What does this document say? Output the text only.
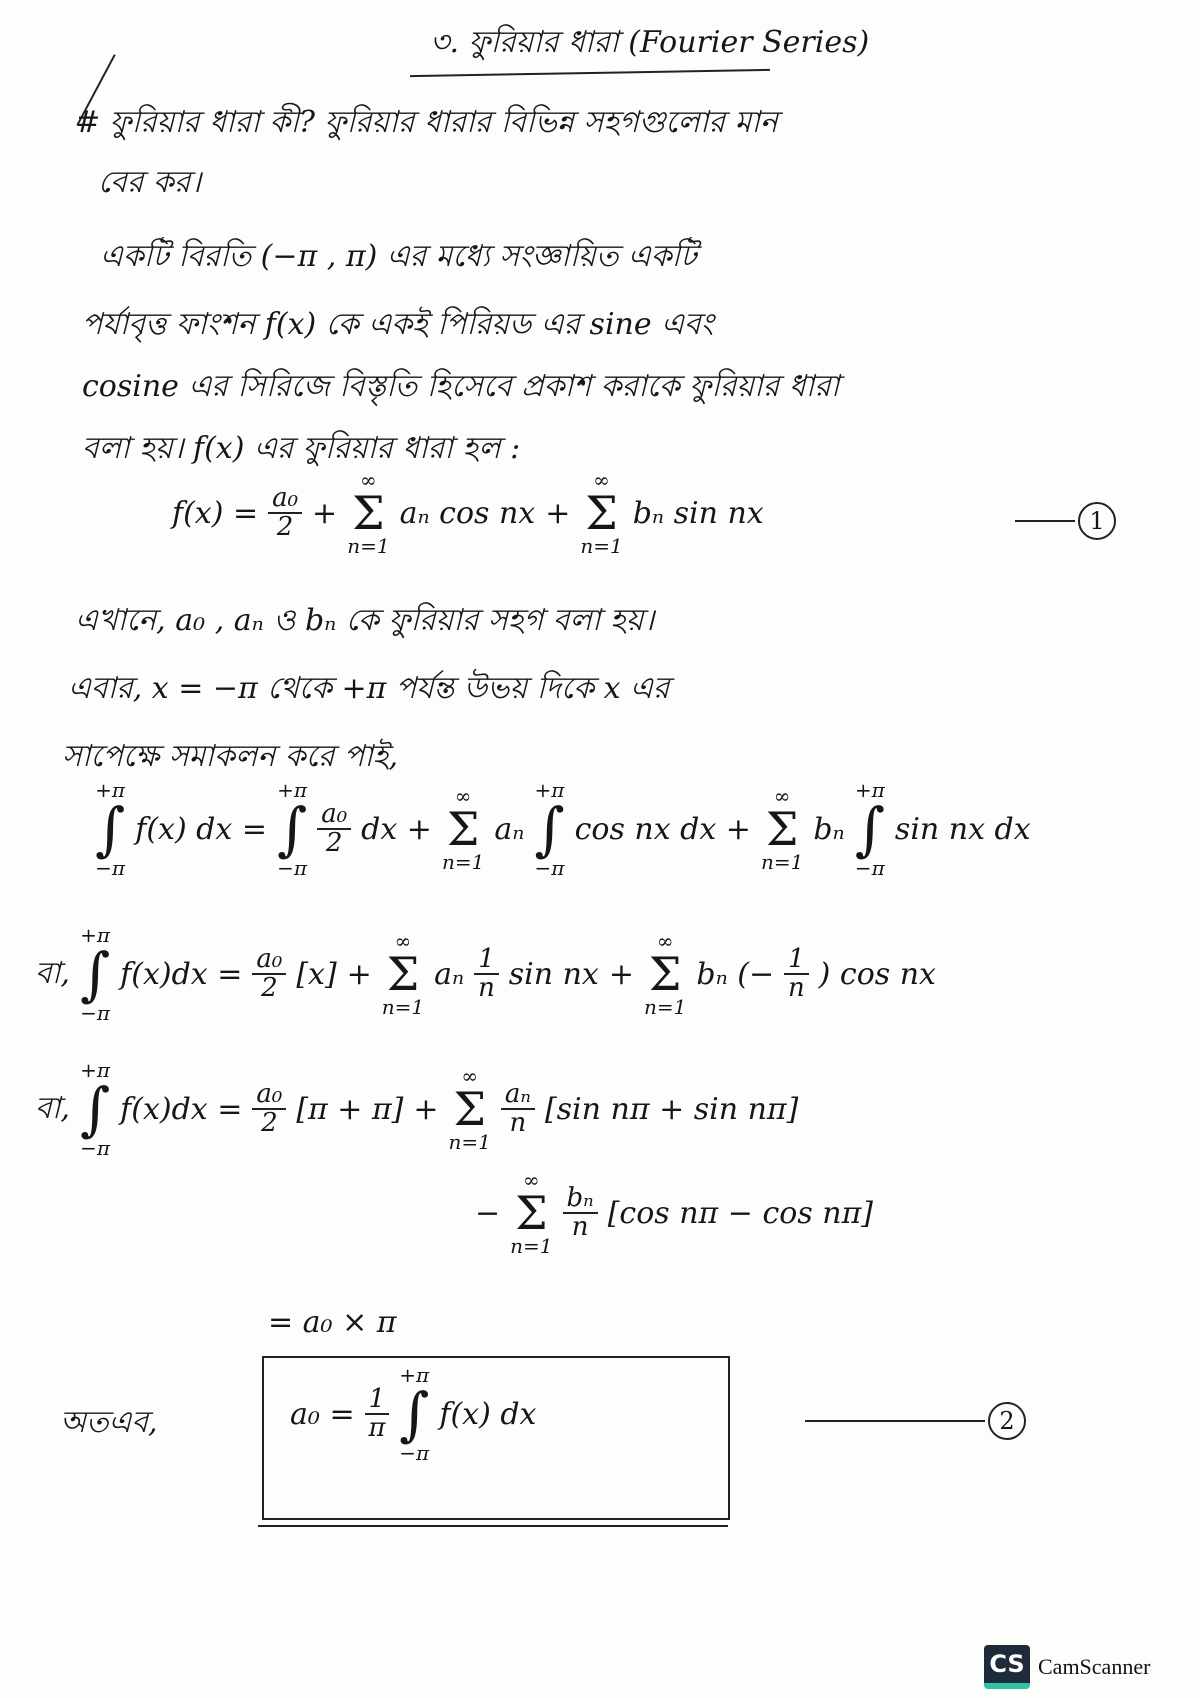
৩. ফুরিয়ার ধারা (Fourier Series)
# ফুরিয়ার ধারা কী? ফুরিয়ার ধারার বিভিন্ন সহগগুলোর মান
বের কর।
একটি বিরতি (−π , π) এর মধ্যে সংজ্ঞায়িত একটি
পর্যাবৃত্ত ফাংশন f(x) কে একই পিরিয়ড এর sine এবং
cosine এর সিরিজে বিস্তৃতি হিসেবে প্রকাশ করাকে ফুরিয়ার ধারা
বলা হয়। f(x) এর ফুরিয়ার ধারা হল :
$f(x) = \frac{\text{a₀}}{2}$ +
∞
Σ
n=1
aₙ cos nx +
∞
Σ
n=1
bₙ sin nx	1
এখানে, a₀ , aₙ ও bₙ কে ফুরিয়ার সহগ বলা হয়।
এবার, x = −π থেকে +π পর্যন্ত উভয় দিকে x এর
সাপেক্ষে সমাকলন করে পাই,
+π
∫
−π
f(x) dx =
+π
∫
−π
$\frac{\text{a₀}}{2}$ dx +
∞
Σ
n=1
aₙ
+π
∫
−π
cos nx dx +
∞
Σ
n=1
bₙ
+π
∫
−π
sin nx dx
বা,
+π
∫
−π
$f(x)dx = \frac{\text{a₀}}{2} [x]$ +
∞
Σ
n=1
aₙ $\frac{1}{n}$ sin nx +
∞
Σ
n=1
bₙ (− $\frac{1}{n}$ ) cos nx
বা,
+π
∫
−π
$f(x)dx = \frac{\text{a₀}}{2} [\pi + \pi]$ +
∞
Σ
n=1
$\frac{\text{aₙ}}{n} [\sin$ nπ + sin nπ]
−
∞
Σ
n=1
$\frac{\text{bₙ}}{n} [\cos$ nπ − cos nπ]
= a₀ × π
অতএব,	$a_0 = \frac{1}{\pi}$
+π
∫
−π
f(x) dx	2
CS CamScanner
